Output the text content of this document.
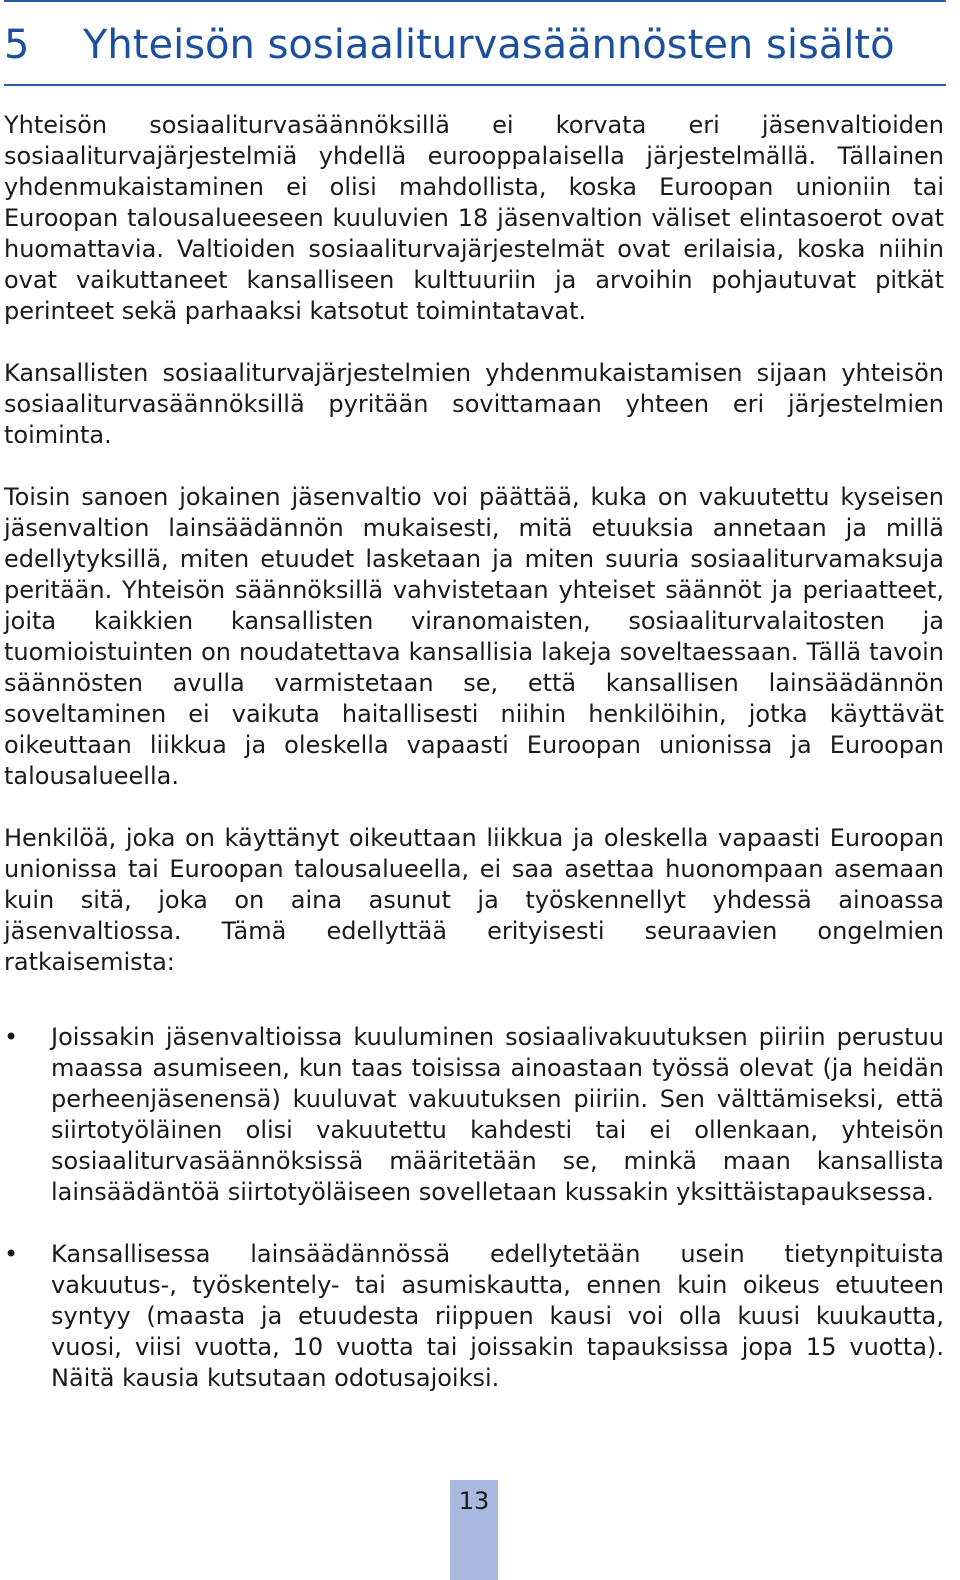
5 Yhteisön sosiaaliturvasäännösten sisältö

Yhteisön sosiaaliturvasäännöksillä ei korvata eri jäsenvaltioiden sosiaaliturvajärjestelmiä yhdellä eurooppalaisella järjestelmällä. Tällainen yhdenmukaistaminen ei olisi mahdollista, koska Euroopan unioniin tai Euroopan talousalueeseen kuuluvien 18 jäsenvaltion väliset elintasoerot ovat huomattavia. Valtioiden sosiaaliturvajärjestelmät ovat erilaisia, koska niihin ovat vaikuttaneet kansalliseen kulttuuriin ja arvoihin pohjautuvat pitkät perinteet sekä parhaaksi katsotut toimintatavat.

Kansallisten sosiaaliturvajärjestelmien yhdenmukaistamisen sijaan yhteisön sosiaaliturvasäännöksillä pyritään sovittamaan yhteen eri järjestelmien toiminta.

Toisin sanoen jokainen jäsenvaltio voi päättää, kuka on vakuutettu kyseisen jäsenvaltion lainsäädännön mukaisesti, mitä etuuksia annetaan ja millä edellytyksillä, miten etuudet lasketaan ja miten suuria sosiaaliturvamaksuja peritään. Yhteisön säännöksillä vahvistetaan yhteiset säännöt ja periaatteet, joita kaikkien kansallisten viranomaisten, sosiaaliturvalaitosten ja tuomioistuinten on noudatettava kansallisia lakeja soveltaessaan. Tällä tavoin säännösten avulla varmistetaan se, että kansallisen lainsäädännön soveltaminen ei vaikuta haitallisesti niihin henkilöihin, jotka käyttävät oikeuttaan liikkua ja oleskella vapaasti Euroopan unionissa ja Euroopan talousalueella.

Henkilöä, joka on käyttänyt oikeuttaan liikkua ja oleskella vapaasti Euroopan unionissa tai Euroopan talousalueella, ei saa asettaa huonompaan asemaan kuin sitä, joka on aina asunut ja työskennellyt yhdessä ainoassa jäsenvaltiossa. Tämä edellyttää erityisesti seuraavien ongelmien ratkaisemista:

• Joissakin jäsenvaltioissa kuuluminen sosiaalivakuutuksen piiriin perustuu maassa asumiseen, kun taas toisissa ainoastaan työssä olevat (ja heidän perheenjäsenensä) kuuluvat vakuutuksen piiriin. Sen välttämiseksi, että siirtotyöläinen olisi vakuutettu kahdesti tai ei ollenkaan, yhteisön sosiaaliturvasäännöksissä määritetään se, minkä maan kansallista lainsäädäntöä siirtotyöläiseen sovelletaan kussakin yksittäistapauksessa.
• Kansallisessa lainsäädännössä edellytetään usein tietynpituista vakuutus-, työskentely- tai asumiskautta, ennen kuin oikeus etuuteen syntyy (maasta ja etuudesta riippuen kausi voi olla kuusi kuukautta, vuosi, viisi vuotta, 10 vuotta tai joissakin tapauksissa jopa 15 vuotta). Näitä kausia kutsutaan odotusajoiksi.
13
